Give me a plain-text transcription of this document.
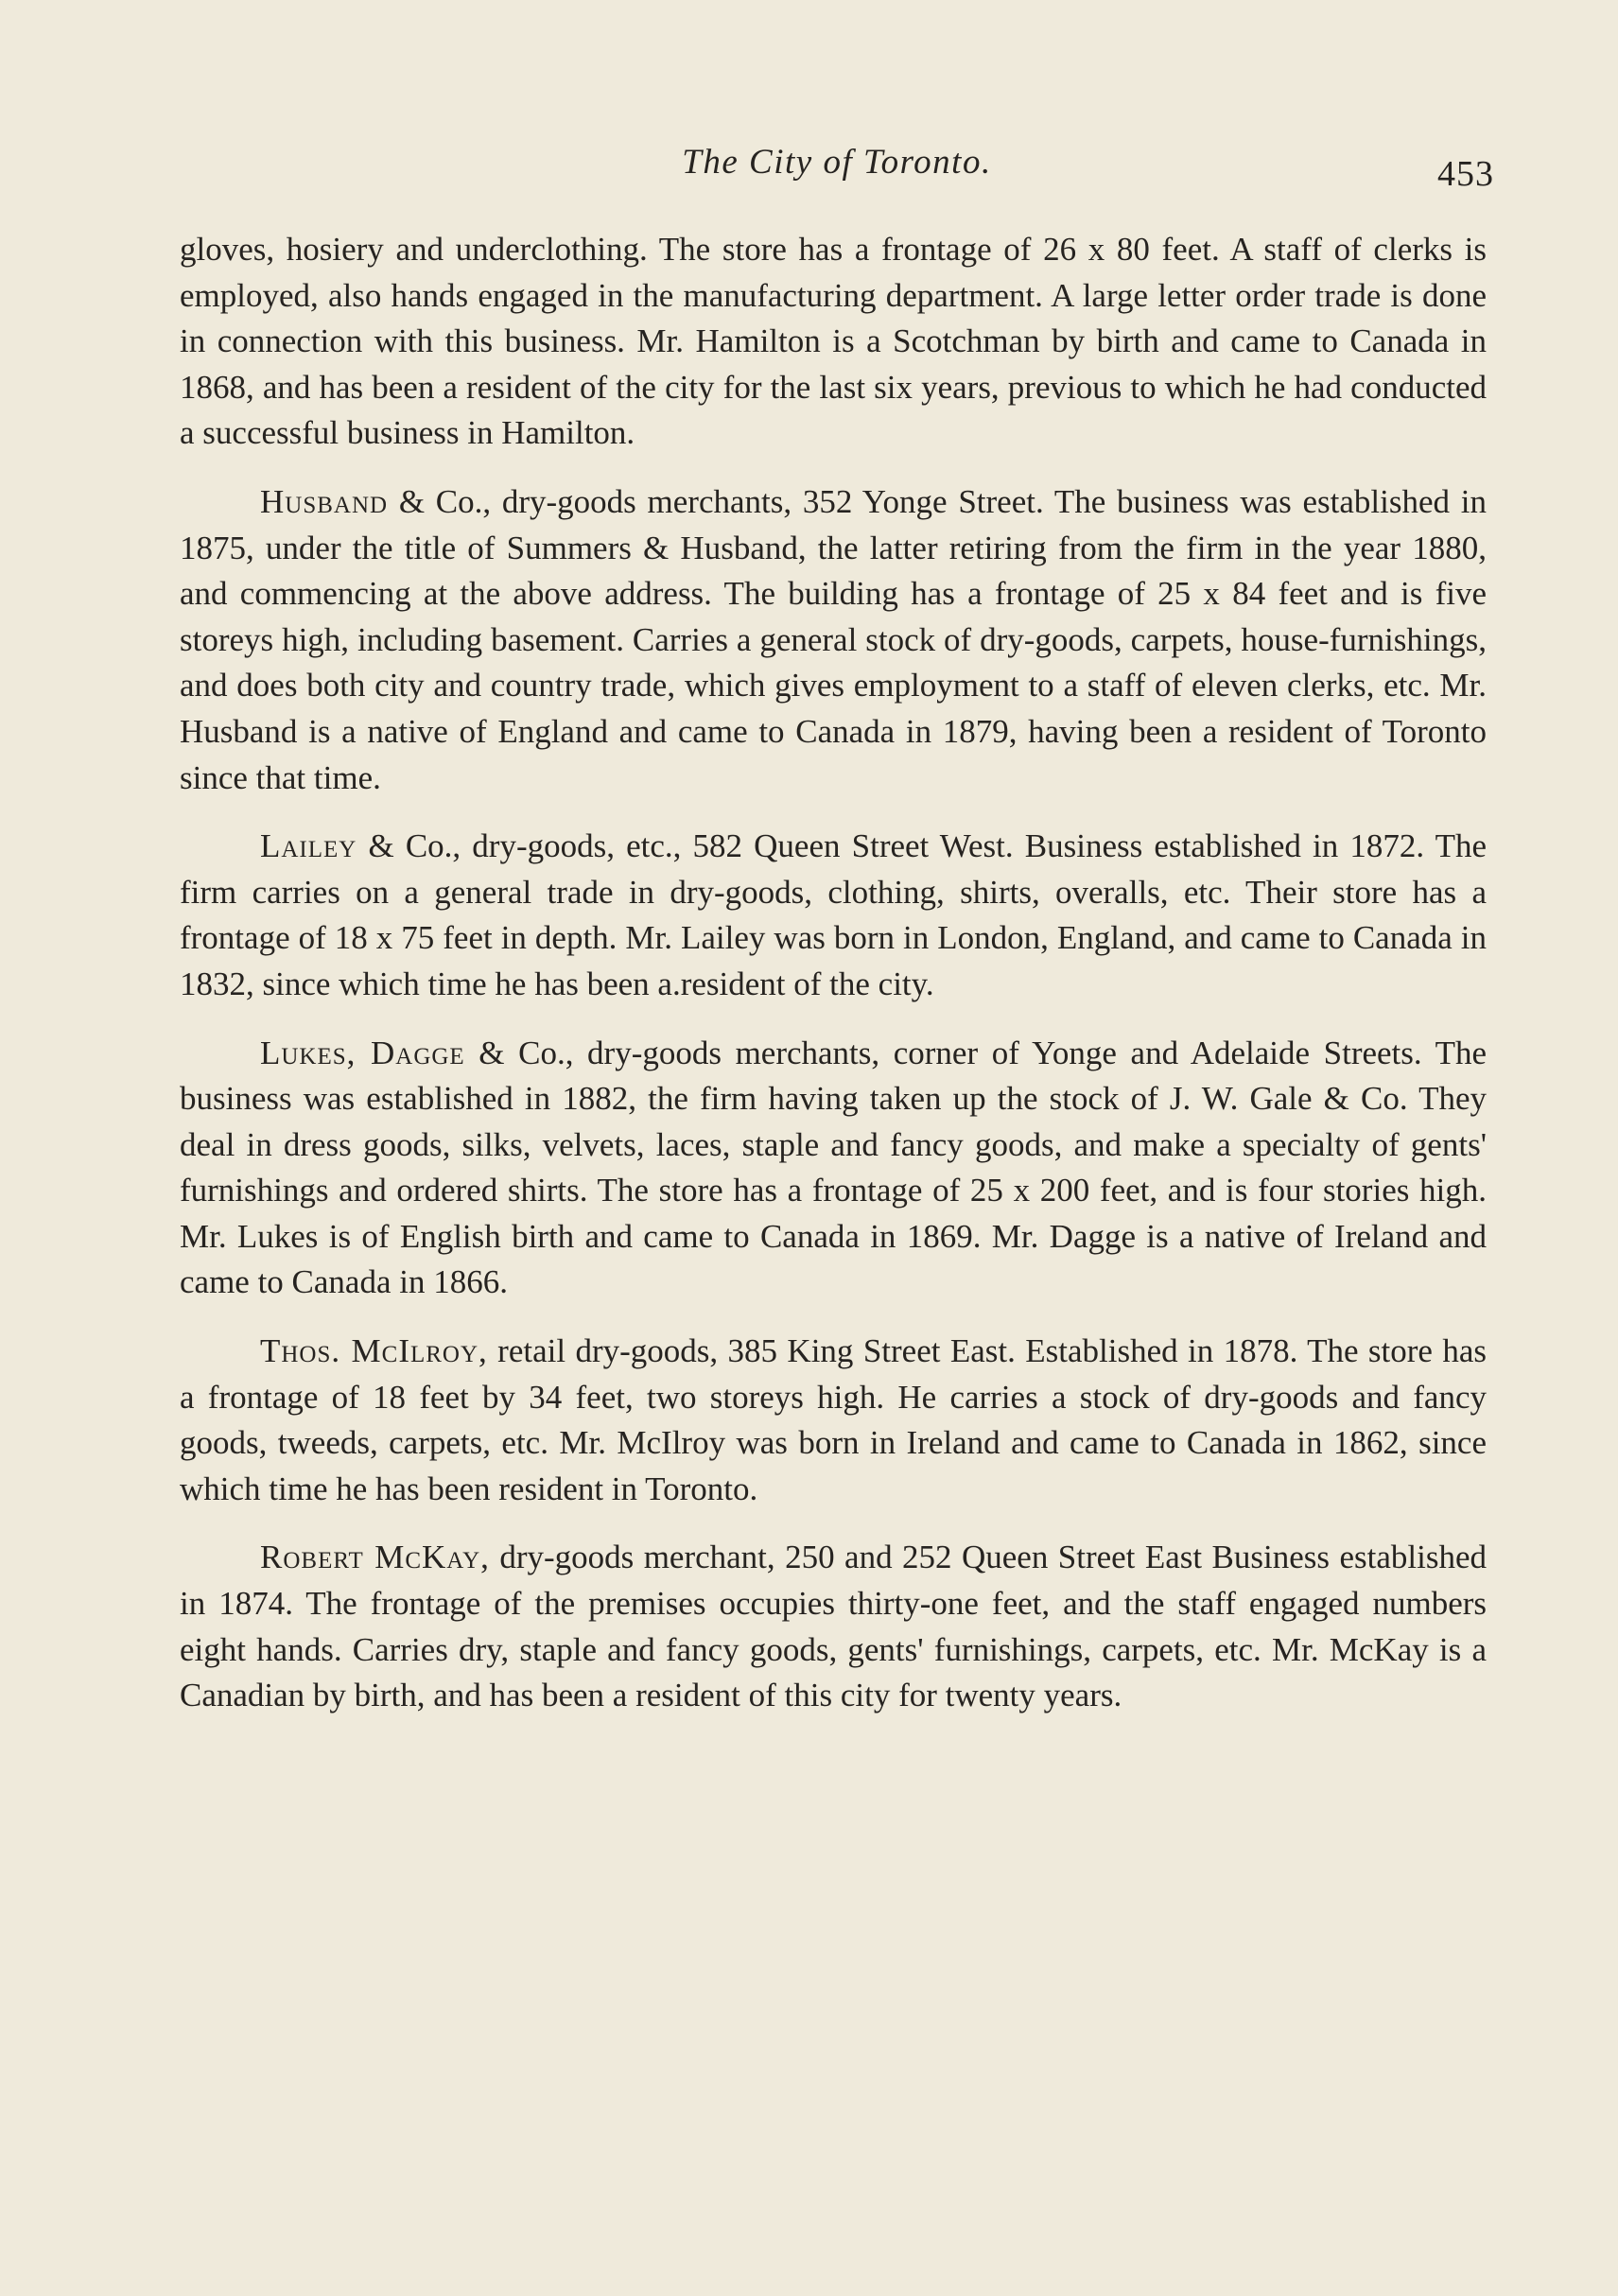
The City of Toronto.	453

gloves, hosiery and underclothing. The store has a frontage of 26 x 80 feet. A staff of clerks is employed, also hands engaged in the manufacturing department. A large letter order trade is done in connection with this business. Mr. Hamilton is a Scotchman by birth and came to Canada in 1868, and has been a resident of the city for the last six years, previous to which he had conducted a successful business in Hamilton.

Husband & Co., dry-goods merchants, 352 Yonge Street. The business was established in 1875, under the title of Summers & Husband, the latter retiring from the firm in the year 1880, and commencing at the above address. The building has a frontage of 25 x 84 feet and is five storeys high, including basement. Carries a general stock of dry-goods, carpets, house-furnishings, and does both city and country trade, which gives employment to a staff of eleven clerks, etc. Mr. Husband is a native of England and came to Canada in 1879, having been a resident of Toronto since that time.

Lailey & Co., dry-goods, etc., 582 Queen Street West. Business established in 1872. The firm carries on a general trade in dry-goods, clothing, shirts, overalls, etc. Their store has a frontage of 18 x 75 feet in depth. Mr. Lailey was born in London, England, and came to Canada in 1832, since which time he has been a.resident of the city.

Lukes, Dagge & Co., dry-goods merchants, corner of Yonge and Adelaide Streets. The business was established in 1882, the firm having taken up the stock of J. W. Gale & Co. They deal in dress goods, silks, velvets, laces, staple and fancy goods, and make a specialty of gents' furnishings and ordered shirts. The store has a frontage of 25 x 200 feet, and is four stories high. Mr. Lukes is of English birth and came to Canada in 1869. Mr. Dagge is a native of Ireland and came to Canada in 1866.

Thos. McIlroy, retail dry-goods, 385 King Street East. Established in 1878. The store has a frontage of 18 feet by 34 feet, two storeys high. He carries a stock of dry-goods and fancy goods, tweeds, carpets, etc. Mr. McIlroy was born in Ireland and came to Canada in 1862, since which time he has been resident in Toronto.

Robert McKay, dry-goods merchant, 250 and 252 Queen Street East Business established in 1874. The frontage of the premises occupies thirty-one feet, and the staff engaged numbers eight hands. Carries dry, staple and fancy goods, gents' furnishings, carpets, etc. Mr. McKay is a Canadian by birth, and has been a resident of this city for twenty years.
